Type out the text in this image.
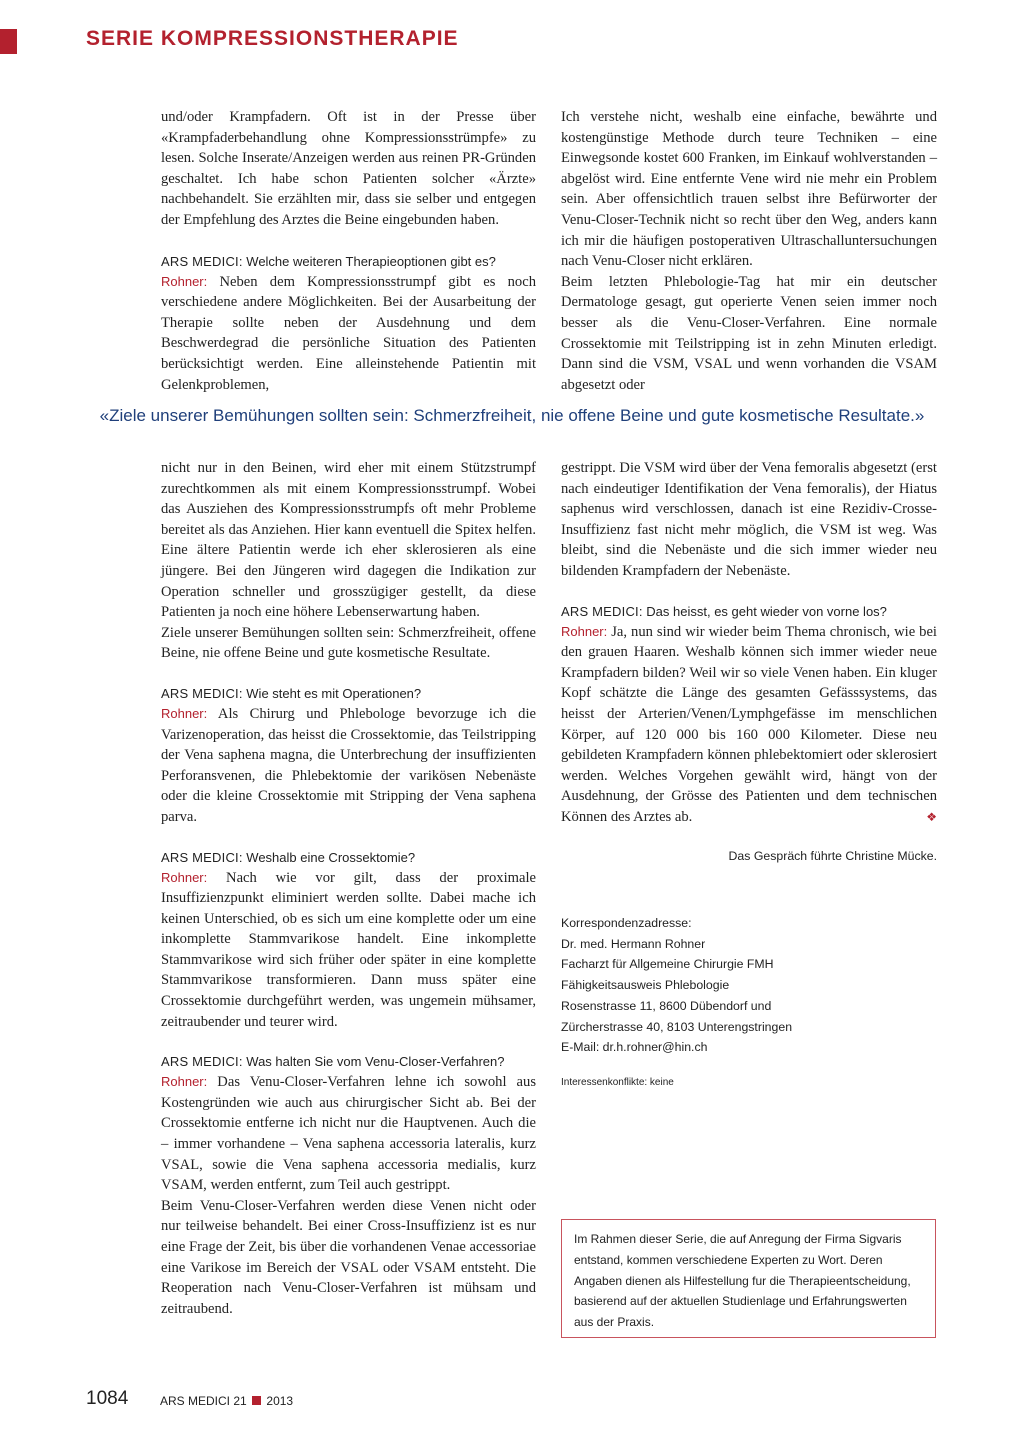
SERIE KOMPRESSIONSTHERAPIE

und/oder Krampfadern. Oft ist in der Presse über «Krampfaderbehandlung ohne Kompressionsstrümpfe» zu lesen. Solche Inserate/Anzeigen werden aus reinen PR-Gründen geschaltet. Ich habe schon Patienten solcher «Ärzte» nachbehandelt. Sie erzählten mir, dass sie selber und entgegen der Empfehlung des Arztes die Beine eingebunden haben.

ARS MEDICI: Welche weiteren Therapieoptionen gibt es?

Rohner: Neben dem Kompressionsstrumpf gibt es noch verschiedene andere Möglichkeiten. Bei der Ausarbeitung der Therapie sollte neben der Ausdehnung und dem Beschwerdegrad die persönliche Situation des Patienten berücksichtigt werden. Eine alleinstehende Patientin mit Gelenkproblemen,

Ich verstehe nicht, weshalb eine einfache, bewährte und kostengünstige Methode durch teure Techniken – eine Einwegsonde kostet 600 Franken, im Einkauf wohlverstanden – abgelöst wird. Eine entfernte Vene wird nie mehr ein Problem sein. Aber offensichtlich trauen selbst ihre Befürworter der Venu-Closer-Technik nicht so recht über den Weg, anders kann ich mir die häufigen postoperativen Ultraschalluntersuchungen nach Venu-Closer nicht erklären.

Beim letzten Phlebologie-Tag hat mir ein deutscher Dermatologe gesagt, gut operierte Venen seien immer noch besser als die Venu-Closer-Verfahren. Eine normale Crossektomie mit Teilstripping ist in zehn Minuten erledigt. Dann sind die VSM, VSAL und wenn vorhanden die VSAM abgesetzt oder

«Ziele unserer Bemühungen sollten sein: Schmerzfreiheit, nie offene Beine und gute kosmetische Resultate.»

nicht nur in den Beinen, wird eher mit einem Stützstrumpf zurechtkommen als mit einem Kompressionsstrumpf. Wobei das Ausziehen des Kompressionsstrumpfs oft mehr Probleme bereitet als das Anziehen. Hier kann eventuell die Spitex helfen. Eine ältere Patientin werde ich eher sklerosieren als eine jüngere. Bei den Jüngeren wird dagegen die Indikation zur Operation schneller und grosszügiger gestellt, da diese Patienten ja noch eine höhere Lebenserwartung haben.

Ziele unserer Bemühungen sollten sein: Schmerzfreiheit, offene Beine, nie offene Beine und gute kosmetische Resultate.

ARS MEDICI: Wie steht es mit Operationen?

Rohner: Als Chirurg und Phlebologe bevorzuge ich die Varizenoperation, das heisst die Crossektomie, das Teilstripping der Vena saphena magna, die Unterbrechung der insuffizienten Perforansvenen, die Phlebektomie der varikösen Nebenäste oder die kleine Crossektomie mit Stripping der Vena saphena parva.

ARS MEDICI: Weshalb eine Crossektomie?

Rohner: Nach wie vor gilt, dass der proximale Insuffizienzpunkt eliminiert werden sollte. Dabei mache ich keinen Unterschied, ob es sich um eine komplette oder um eine inkomplette Stammvarikose handelt. Eine inkomplette Stammvarikose wird sich früher oder später in eine komplette Stammvarikose transformieren. Dann muss später eine Crossektomie durchgeführt werden, was ungemein mühsamer, zeitraubender und teurer wird.

ARS MEDICI: Was halten Sie vom Venu-Closer-Verfahren?

Rohner: Das Venu-Closer-Verfahren lehne ich sowohl aus Kostengründen wie auch aus chirurgischer Sicht ab. Bei der Crossektomie entferne ich nicht nur die Hauptvenen. Auch die – immer vorhandene – Vena saphena accessoria lateralis, kurz VSAL, sowie die Vena saphena accessoria medialis, kurz VSAM, werden entfernt, zum Teil auch gestrippt.

Beim Venu-Closer-Verfahren werden diese Venen nicht oder nur teilweise behandelt. Bei einer Cross-Insuffizienz ist es nur eine Frage der Zeit, bis über die vorhandenen Venae accessoriae eine Varikose im Bereich der VSAL oder VSAM entsteht. Die Reoperation nach Venu-Closer-Verfahren ist mühsam und zeitraubend.

gestrippt. Die VSM wird über der Vena femoralis abgesetzt (erst nach eindeutiger Identifikation der Vena femoralis), der Hiatus saphenus wird verschlossen, danach ist eine Rezidiv-Crosse-Insuffizienz fast nicht mehr möglich, die VSM ist weg. Was bleibt, sind die Nebenäste und die sich immer wieder neu bildenden Krampfadern der Nebenäste.

ARS MEDICI: Das heisst, es geht wieder von vorne los?

Rohner: Ja, nun sind wir wieder beim Thema chronisch, wie bei den grauen Haaren. Weshalb können sich immer wieder neue Krampfadern bilden? Weil wir so viele Venen haben. Ein kluger Kopf schätzte die Länge des gesamten Gefässsystems, das heisst der Arterien/Venen/Lymphgefässe im menschlichen Körper, auf 120 000 bis 160 000 Kilometer. Diese neu gebildeten Krampfadern können phlebektomiert oder sklerosiert werden. Welches Vorgehen gewählt wird, hängt von der Ausdehnung, der Grösse des Patienten und dem technischen Können des Arztes ab.	❖

Das Gespräch führte Christine Mücke.
Korrespondenzadresse:
Dr. med. Hermann Rohner
Facharzt für Allgemeine Chirurgie FMH
Fähigkeitsausweis Phlebologie
Rosenstrasse 11, 8600 Dübendorf und
Zürcherstrasse 40, 8103 Unterengstringen
E-Mail: dr.h.rohner@hin.ch
Interessenkonflikte: keine
Im Rahmen dieser Serie, die auf Anregung der Firma Sigvaris entstand, kommen verschiedene Experten zu Wort. Deren Angaben dienen als Hilfestellung fur die Therapieentscheidung, basierend auf der aktuellen Studienlage und Erfahrungswerten aus der Praxis.
1084	ARS MEDICI 21 2013
